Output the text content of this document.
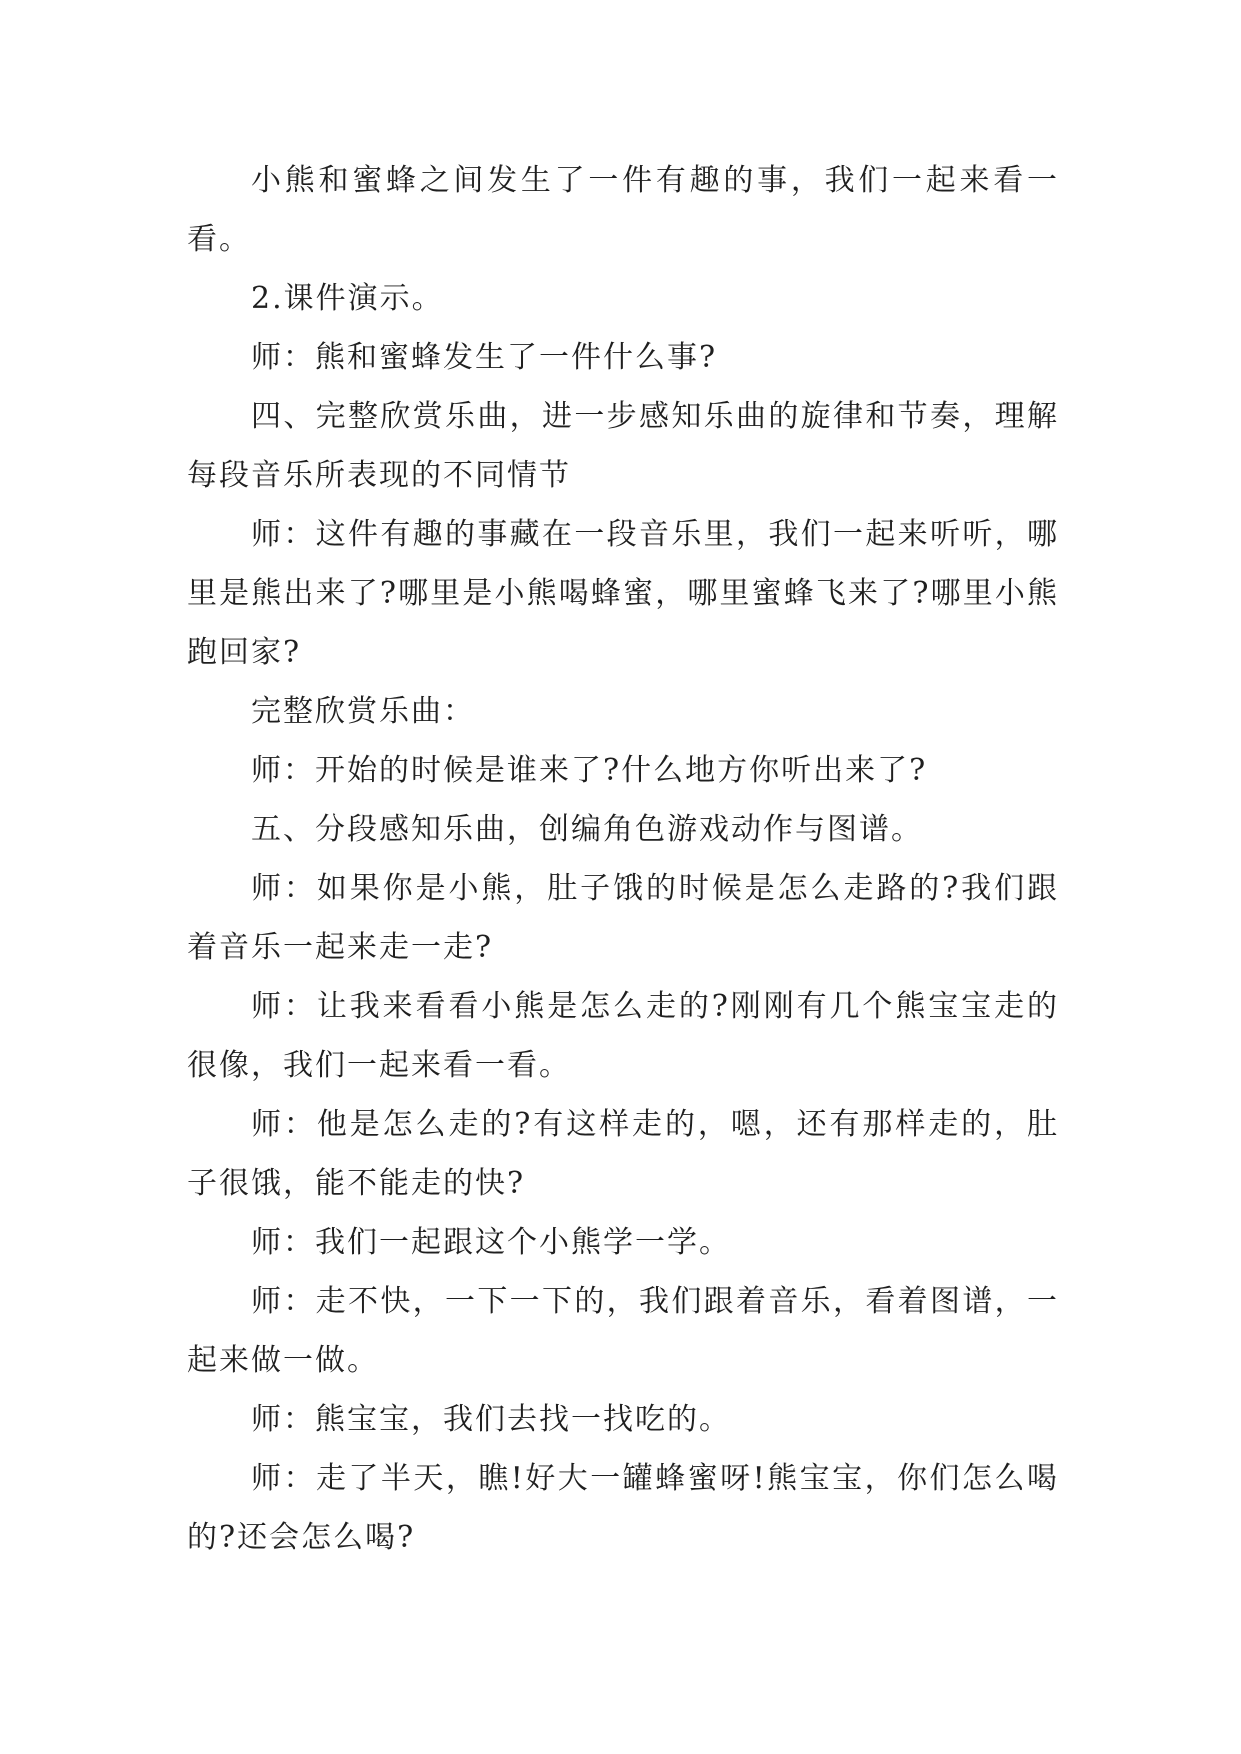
小熊和蜜蜂之间发生了一件有趣的事，我们一起来看一看。

2.课件演示。

师：熊和蜜蜂发生了一件什么事?

四、完整欣赏乐曲，进一步感知乐曲的旋律和节奏，理解每段音乐所表现的不同情节

师：这件有趣的事藏在一段音乐里，我们一起来听听，哪里是熊出来了?哪里是小熊喝蜂蜜，哪里蜜蜂飞来了?哪里小熊跑回家?

完整欣赏乐曲：

师：开始的时候是谁来了?什么地方你听出来了?

五、分段感知乐曲，创编角色游戏动作与图谱。

师：如果你是小熊，肚子饿的时候是怎么走路的?我们跟着音乐一起来走一走?

师：让我来看看小熊是怎么走的?刚刚有几个熊宝宝走的很像，我们一起来看一看。

师：他是怎么走的?有这样走的，嗯，还有那样走的，肚子很饿，能不能走的快?

师：我们一起跟这个小熊学一学。

师：走不快，一下一下的，我们跟着音乐，看着图谱，一起来做一做。

师：熊宝宝，我们去找一找吃的。

师：走了半天，瞧!好大一罐蜂蜜呀!熊宝宝，你们怎么喝的?还会怎么喝?
